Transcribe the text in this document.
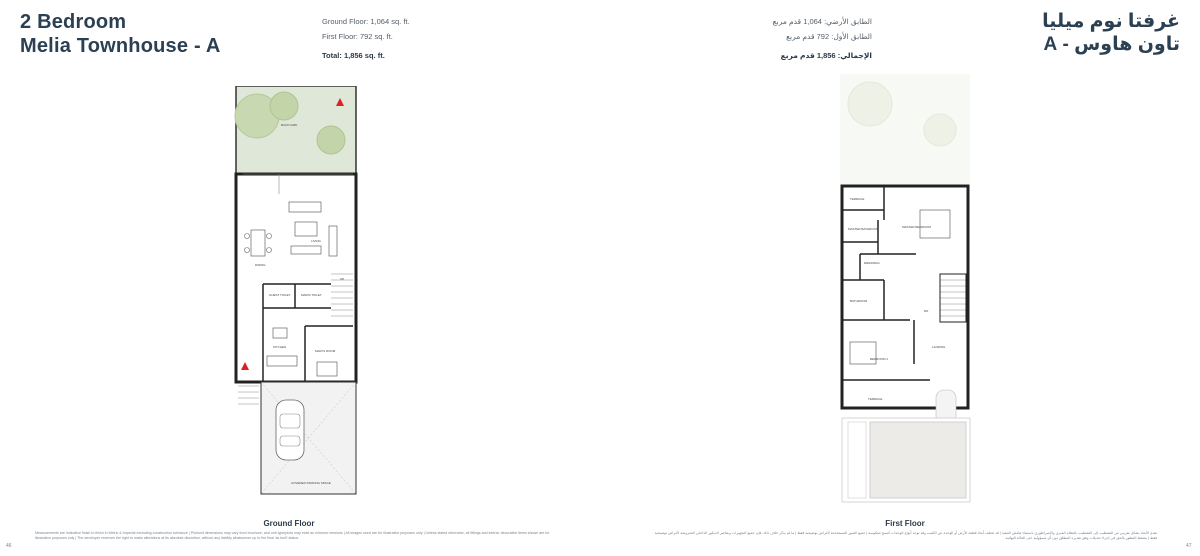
2 Bedroom
Melia Townhouse - A
Ground Floor: 1,064 sq. ft.
First Floor: 792 sq. ft.
Total: 1,856 sq. ft.
BACKYARD
LIVING
DINING
UP
GUEST TOILET	MAIDS TOILET
KITCHEN
MAID'S ROOM
COVERED PARKING SPACE
Ground Floor
Measurements are indicative finish to finish in Metric & Imperial excluding construction tolerance | Plot/unit dimensions may vary from brochure, and unit type/plots may exist as mirrored versions | All images used are for illustrative purposes only | Unless stated otherwise, all fittings and interior decorative items shown are for illustrative purposes only | The developer reserves the right to make alterations at its absolute discretion, without any liability whatsoever up to the final 'as built' status.
46
غرفتا نوم ميليا
تاون هاوس - A
الطابق الأرضي: 1,064 قدم مربع
الطابق الأول: 792 قدم مربع
الإجمالي: 1,856 قدم مربع
TERRACE
MASTER BEDROOM
MASTER BATHROOM
DRESSING
DN
BATHROOM
BEDROOM 1
LANDING
TERRACE
First Floor
تقدم الأبعاد بشكل تقريبي من التشطيب إلى التشطيب بالنظام المتري والإمبراطوري باستثناء هامش التنفيذ | قد تختلف أبعاد قطعة الأرض أو الوحدة عن الكتيب وقد توجد أنواع الوحدات كنسخ معكوسة | جميع الصور المستخدمة لأغراض توضيحية فقط | ما لم يذكر خلاف ذلك، فإن جميع التجهيزات وعناصر الديكور الداخلي المعروضة لأغراض توضيحية فقط | يحتفظ المطور بالحق في إجراء تعديلات وفق تقديره المطلق دون أي مسؤولية حتى الحالة النهائية.
47
